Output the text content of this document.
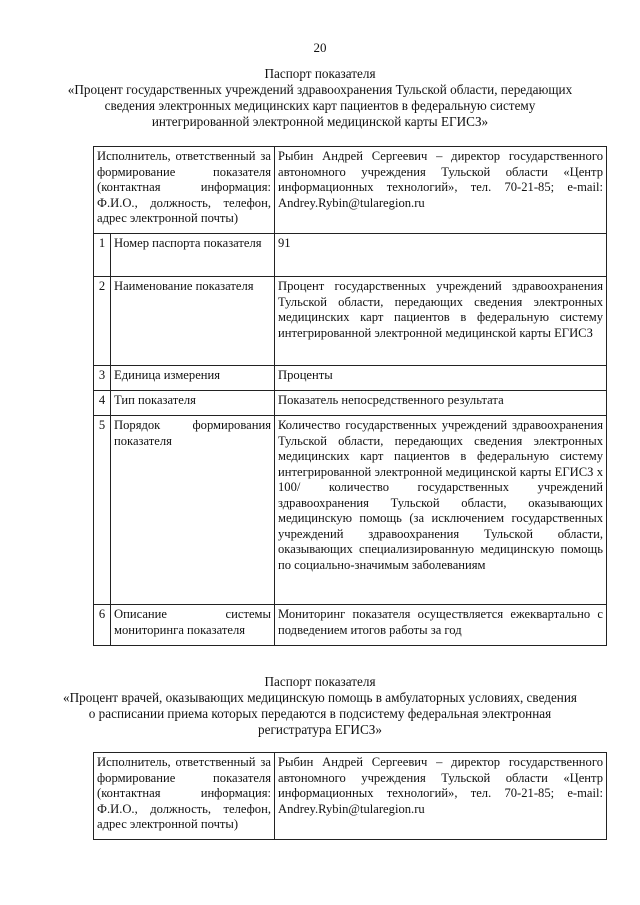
20
Паспорт показателя
«Процент государственных учреждений здравоохранения Тульской области, передающих сведения электронных медицинских карт пациентов в федеральную систему интегрированной электронной медицинской карты ЕГИСЗ»
Исполнитель, ответственный за формирование показателя (контактная информация: Ф.И.О., должность, телефон, адрес электронной почты)		Рыбин Андрей Сергеевич – директор государственного автономного учреждения Тульской области «Центр информационных технологий», тел. 70-21-85; e-mail: Andrey.Rybin@tularegion.ru
1	Номер паспорта показателя	91
2	Наименование показателя	Процент государственных учреждений здравоохранения Тульской области, передающих сведения электронных медицинских карт пациентов в федеральную систему интегрированной электронной медицинской карты ЕГИСЗ
3	Единица измерения	Проценты
4	Тип показателя	Показатель непосредственного результата
5	Порядок формирования показателя	Количество государственных учреждений здравоохранения Тульской области, передающих сведения электронных медицинских карт пациентов в федеральную систему интегрированной электронной медицинской карты ЕГИСЗ x 100/ количество государственных учреждений здравоохранения Тульской области, оказывающих медицинскую помощь (за исключением государственных учреждений здравоохранения Тульской области, оказывающих специализированную медицинскую помощь по социально-значимым заболеваниям
6	Описание системы мониторинга показателя	Мониторинг показателя осуществляется ежеквартально с подведением итогов работы за год
Паспорт показателя
«Процент врачей, оказывающих медицинскую помощь в амбулаторных условиях, сведения о расписании приема которых передаются в подсистему федеральная электронная регистратура ЕГИСЗ»
Исполнитель, ответственный за формирование показателя (контактная информация: Ф.И.О., должность, телефон, адрес электронной почты)	Рыбин Андрей Сергеевич – директор государственного автономного учреждения Тульской области «Центр информационных технологий», тел. 70-21-85; e-mail: Andrey.Rybin@tularegion.ru
